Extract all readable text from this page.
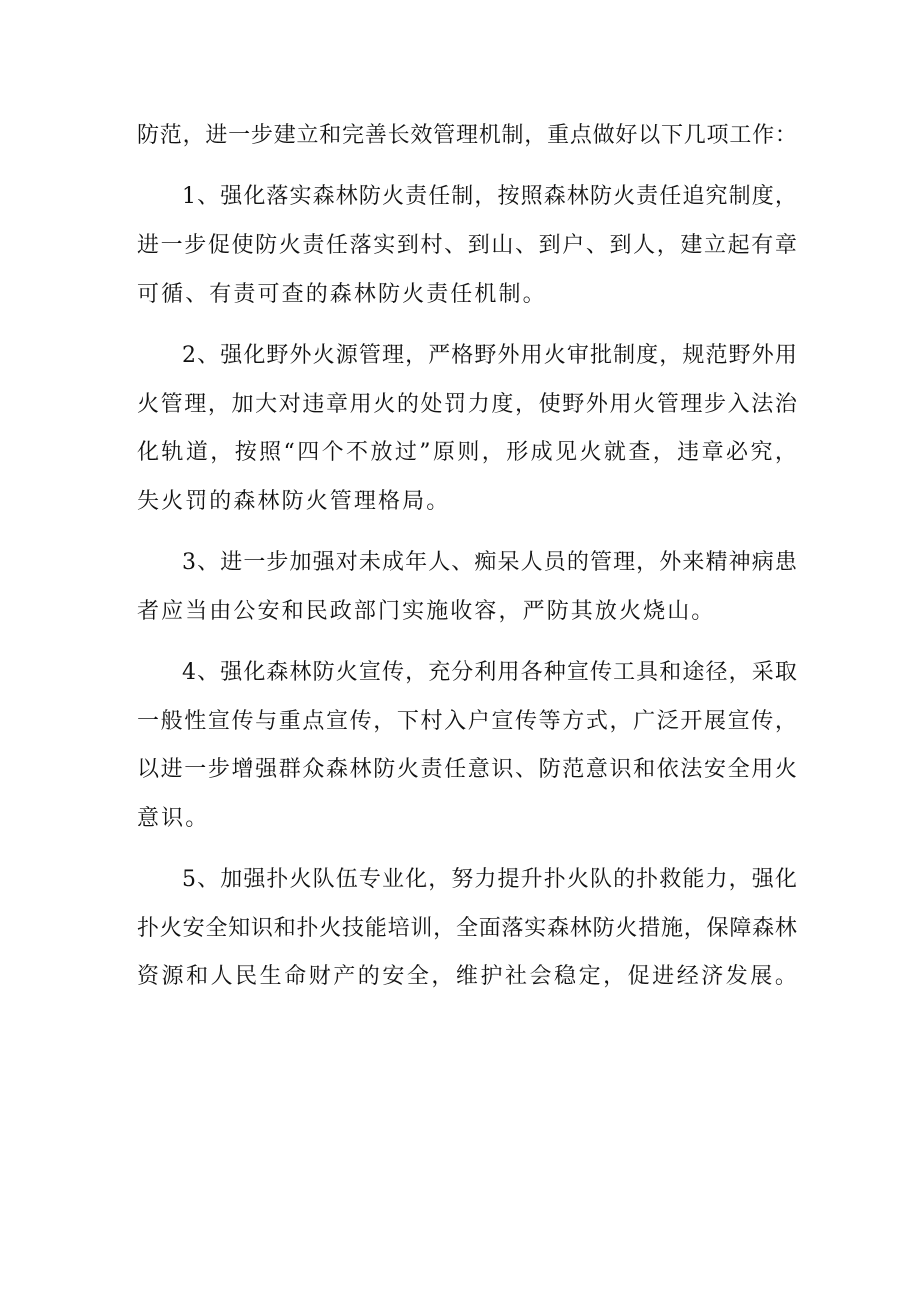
防 范 ， 进 一 步 建 立 和 完 善 长 效 管 理 机 制 ， 重 点 做 好 以 下 几 项 工 作 ：
1 、 强 化 落 实 森 林 防 火 责 任 制 ， 按 照 森 林 防 火 责 任 追 究 制 度 ，
进 一 步 促 使 防 火 责 任 落 实 到 村 、 到 山 、 到 户 、 到 人 ， 建 立 起 有 章
可循、有责可查的森林防火责任机制。
2 、 强 化 野 外 火 源 管 理 ， 严 格 野 外 用 火 审 批 制 度 ， 规 范 野 外 用
火 管 理 ， 加 大 对 违 章 用 火 的 处 罚 力 度 ， 使 野 外 用 火 管 理 步 入 法 治
化 轨 道 ， 按 照 “ 四 个 不 放 过 ” 原 则 ， 形 成 见 火 就 查 ， 违 章 必 究 ，
失火罚的森林防火管理格局。
3 、 进 一 步 加 强 对 未 成 年 人 、 痴 呆 人 员 的 管 理 ， 外 来 精 神 病 患
者应当由公安和民政部门实施收容，严防其放火烧山。
4 、 强 化 森 林 防 火 宣 传 ， 充 分 利 用 各 种 宣 传 工 具 和 途 径 ， 采 取
一 般 性 宣 传 与 重 点 宣 传 ， 下 村 入 户 宣 传 等 方 式 ， 广 泛 开 展 宣 传 ，
以 进 一 步 增 强 群 众 森 林 防 火 责 任 意 识 、 防 范 意 识 和 依 法 安 全 用 火
意识。
5 、 加 强 扑 火 队 伍 专 业 化 ， 努 力 提 升 扑 火 队 的 扑 救 能 力 ， 强 化
扑 火 安 全 知 识 和 扑 火 技 能 培 训 ， 全 面 落 实 森 林 防 火 措 施 ， 保 障 森 林
资 源 和 人 民 生 命 财 产 的 安 全 ， 维 护 社 会 稳 定 ， 促 进 经 济 发 展 。
